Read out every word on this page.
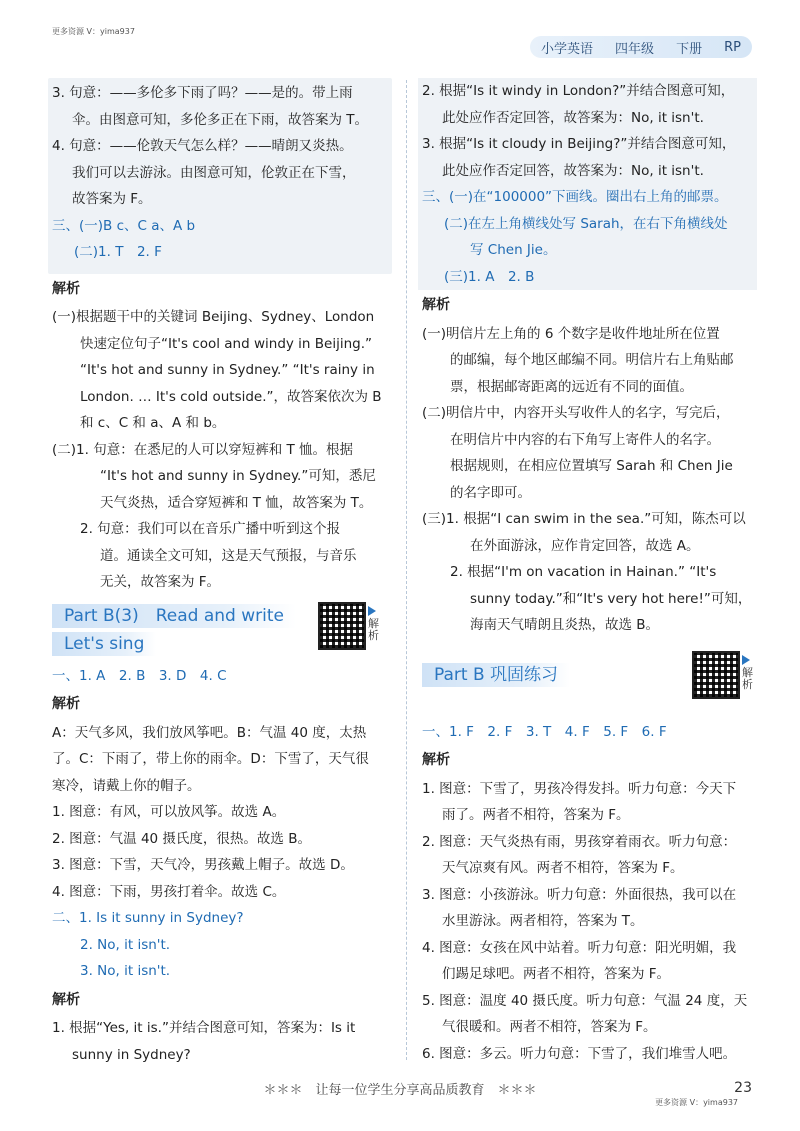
更多资源 V：yima937
小学英语 四年级 下册 RP

3. 句意：——多伦多下雨了吗？——是的。带上雨

伞。由图意可知，多伦多正在下雨，故答案为 T。

4. 句意：——伦敦天气怎么样？——晴朗又炎热。

我们可以去游泳。由图意可知，伦敦正在下雪，

故答案为 F。

三、(一)B c、C a、A b

(二)1. T　2. F

解析

(一)根据题干中的关键词 Beijing、Sydney、London

快速定位句子“It's cool and windy in Beijing.”

“It's hot and sunny in Sydney.” “It's rainy in

London. … It's cold outside.”，故答案依次为 B

和 c、C 和 a、A 和 b。

(二)1. 句意：在悉尼的人可以穿短裤和 T 恤。根据

“It's hot and sunny in Sydney.”可知，悉尼

天气炎热，适合穿短裤和 T 恤，故答案为 T。

2. 句意：我们可以在音乐广播中听到这个报

道。通读全文可知，这是天气预报，与音乐

无关，故答案为 F。

Part B(3)　Read and write
Let's sing
解析

一、1. A　2. B　3. D　4. C

解析

A：天气多风，我们放风筝吧。B：气温 40 度，太热

了。C：下雨了，带上你的雨伞。D：下雪了，天气很

寒冷，请戴上你的帽子。

1. 图意：有风，可以放风筝。故选 A。

2. 图意：气温 40 摄氏度，很热。故选 B。

3. 图意：下雪，天气冷，男孩戴上帽子。故选 D。

4. 图意：下雨，男孩打着伞。故选 C。

二、1. Is it sunny in Sydney?

2. No, it isn't.

3. No, it isn't.

解析

1. 根据“Yes, it is.”并结合图意可知，答案为：Is it

sunny in Sydney?

2. 根据“Is it windy in London?”并结合图意可知，

此处应作否定回答，故答案为：No, it isn't.

3. 根据“Is it cloudy in Beijing?”并结合图意可知，

此处应作否定回答，故答案为：No, it isn't.

三、(一)在“100000”下画线。圈出右上角的邮票。

(二)在左上角横线处写 Sarah，在右下角横线处

写 Chen Jie。

(三)1. A　2. B

解析

(一)明信片左上角的 6 个数字是收件地址所在位置

的邮编，每个地区邮编不同。明信片右上角贴邮

票，根据邮寄距离的远近有不同的面值。

(二)明信片中，内容开头写收件人的名字，写完后，

在明信片中内容的右下角写上寄件人的名字。

根据规则，在相应位置填写 Sarah 和 Chen Jie

的名字即可。

(三)1. 根据“I can swim in the sea.”可知，陈杰可以

在外面游泳，应作肯定回答，故选 A。

2. 根据“I'm on vacation in Hainan.” “It's

sunny today.”和“It's very hot here!”可知，

海南天气晴朗且炎热，故选 B。

Part B 巩固练习	解析

一、1. F　2. F　3. T　4. F　5. F　6. F

解析

1. 图意：下雪了，男孩冷得发抖。听力句意：今天下

雨了。两者不相符，答案为 F。

2. 图意：天气炎热有雨，男孩穿着雨衣。听力句意：

天气凉爽有风。两者不相符，答案为 F。

3. 图意：小孩游泳。听力句意：外面很热，我可以在

水里游泳。两者相符，答案为 T。

4. 图意：女孩在风中站着。听力句意：阳光明媚，我

们踢足球吧。两者不相符，答案为 F。

5. 图意：温度 40 摄氏度。听力句意：气温 24 度，天

气很暖和。两者不相符，答案为 F。

6. 图意：多云。听力句意：下雪了，我们堆雪人吧。

＊＊＊　让每一位学生分享高品质教育　＊＊＊	23
更多资源 V：yima937
